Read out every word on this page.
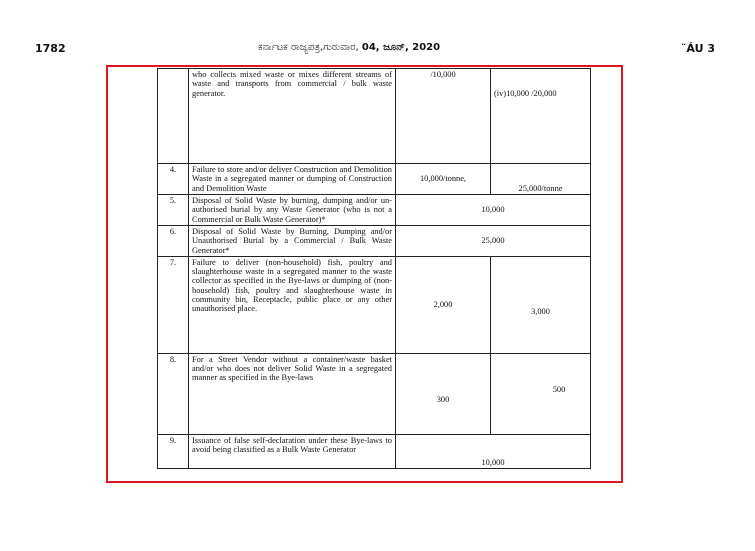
1782	ಕರ್ನಾಟಕ ರಾಜ್ಯಪತ್ರ,ಗುರುವಾರ, 04, ಜೂನ್, 2020	¨ÁU 3
	who collects mixed waste or mixes different streams of waste and transports from commercial / bulk waste generator.	/10,000	(iv)10,000 /20,000
4.	Failure to store and/or deliver Construction and Demolition Waste in a segregated manner or dumping of Construction and Demolition Waste	10,000/tonne,	25,000/tonne
5.	Disposal of Solid Waste by burning, dumping and/or un-authorised burial by any Waste Generator (who is not a Commercial or Bulk Waste Generator)*	10,000	
6.	Disposal of Solid Waste by Burning, Dumping and/or Unauthorised Burial by a Commercial / Bulk Waste Generator*	25,000	
7.	Failure to deliver (non-household) fish, poultry and slaughterhouse waste in a segregated manner to the waste collector as specified in the Bye-laws or dumping of (non-household) fish, poultry and slaughterhouse waste in community bin, Receptacle, public place or any other unauthorised place.	2,000	3,000
8.	For a Street Vendor without a container/waste basket and/or who does not deliver Solid Waste in a segregated manner as specified in the Bye-laws	300	500
9.	Issuance of false self-declaration under these Bye-laws to avoid being classified as a Bulk Waste Generator	10,000	
